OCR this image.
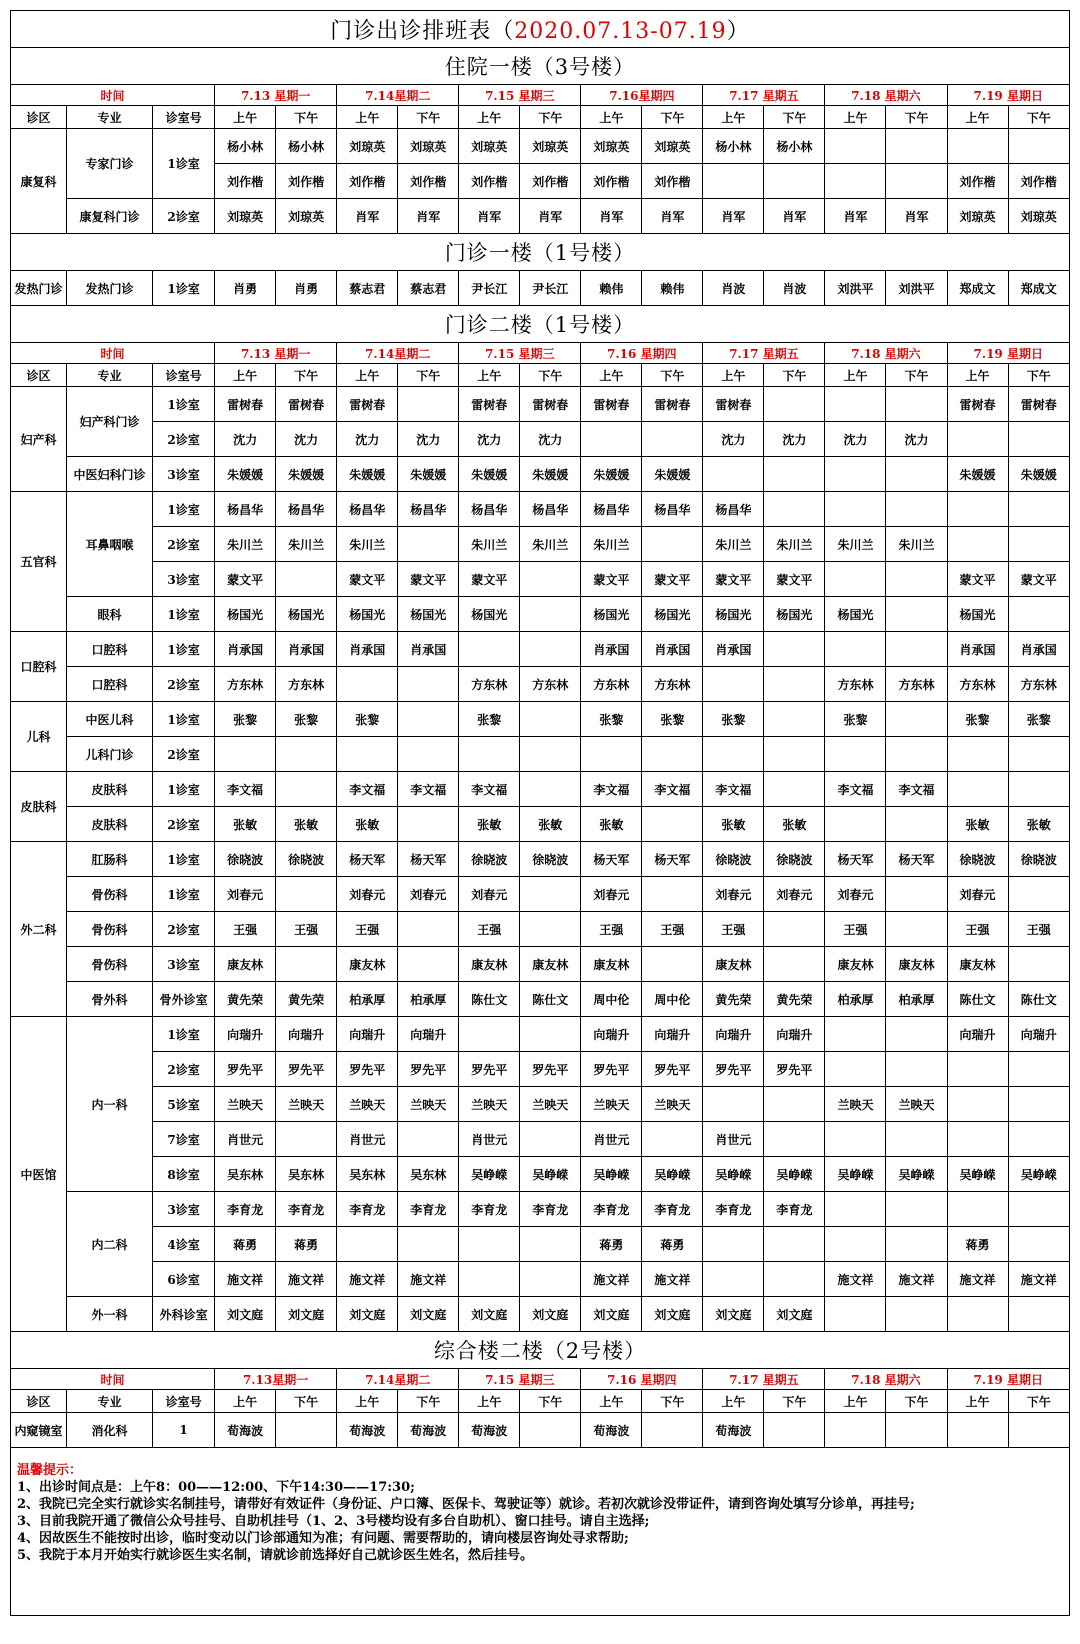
门诊出诊排班表（2020.07.13-07.19）																
住院一楼（3号楼）																
时间			7.13 星期一		7.14星期二		7.15 星期三		7.16星期四		7.17 星期五		7.18 星期六		7.19 星期日	
诊区	专业	诊室号	上午	下午	上午	下午	上午	下午	上午	下午	上午	下午	上午	下午	上午	下午
康复科	专家门诊	1诊室	杨小林	杨小林	刘琼英	刘琼英	刘琼英	刘琼英	刘琼英	刘琼英	杨小林	杨小林				
			刘作楷	刘作楷	刘作楷	刘作楷	刘作楷	刘作楷	刘作楷	刘作楷					刘作楷	刘作楷
	康复科门诊	2诊室	刘琼英	刘琼英	肖军	肖军	肖军	肖军	肖军	肖军	肖军	肖军	肖军	肖军	刘琼英	刘琼英
门诊一楼（1号楼）																
发热门诊	发热门诊	1诊室	肖勇	肖勇	蔡志君	蔡志君	尹长江	尹长江	赖伟	赖伟	肖波	肖波	刘洪平	刘洪平	郑成文	郑成文
门诊二楼（1号楼）																
时间			7.13 星期一		7.14星期二		7.15 星期三		7.16 星期四		7.17 星期五		7.18 星期六		7.19 星期日	
诊区	专业	诊室号	上午	下午	上午	下午	上午	下午	上午	下午	上午	下午	上午	下午	上午	下午
妇产科	妇产科门诊	1诊室	雷树春	雷树春	雷树春		雷树春	雷树春	雷树春	雷树春	雷树春				雷树春	雷树春
		2诊室	沈力	沈力	沈力	沈力	沈力	沈力			沈力	沈力	沈力	沈力		
	中医妇科门诊	3诊室	朱媛媛	朱媛媛	朱媛媛	朱媛媛	朱媛媛	朱媛媛	朱媛媛	朱媛媛					朱媛媛	朱媛媛
五官科	耳鼻咽喉	1诊室	杨昌华	杨昌华	杨昌华	杨昌华	杨昌华	杨昌华	杨昌华	杨昌华	杨昌华					
		2诊室	朱川兰	朱川兰	朱川兰		朱川兰	朱川兰	朱川兰		朱川兰	朱川兰	朱川兰	朱川兰		
		3诊室	蒙文平		蒙文平	蒙文平	蒙文平		蒙文平	蒙文平	蒙文平	蒙文平			蒙文平	蒙文平
	眼科	1诊室	杨国光	杨国光	杨国光	杨国光	杨国光		杨国光	杨国光	杨国光	杨国光	杨国光		杨国光	
口腔科	口腔科	1诊室	肖承国	肖承国	肖承国	肖承国			肖承国	肖承国	肖承国				肖承国	肖承国
	口腔科	2诊室	方东林	方东林			方东林	方东林	方东林	方东林			方东林	方东林	方东林	方东林
儿科	中医儿科	1诊室	张黎	张黎	张黎		张黎		张黎	张黎	张黎		张黎		张黎	张黎
	儿科门诊	2诊室														
皮肤科	皮肤科	1诊室	李文福		李文福	李文福	李文福		李文福	李文福	李文福		李文福	李文福		
	皮肤科	2诊室	张敏	张敏	张敏		张敏	张敏	张敏		张敏	张敏			张敏	张敏
外二科	肛肠科	1诊室	徐晓波	徐晓波	杨天军	杨天军	徐晓波	徐晓波	杨天军	杨天军	徐晓波	徐晓波	杨天军	杨天军	徐晓波	徐晓波
	骨伤科	1诊室	刘春元		刘春元	刘春元	刘春元		刘春元		刘春元	刘春元	刘春元		刘春元	
	骨伤科	2诊室	王强	王强	王强		王强		王强	王强	王强		王强		王强	王强
	骨伤科	3诊室	康友林		康友林		康友林	康友林	康友林		康友林		康友林	康友林	康友林	
	骨外科	骨外诊室	黄先荣	黄先荣	柏承厚	柏承厚	陈仕文	陈仕文	周中伦	周中伦	黄先荣	黄先荣	柏承厚	柏承厚	陈仕文	陈仕文
中医馆	内一科	1诊室	向瑞升	向瑞升	向瑞升	向瑞升			向瑞升	向瑞升	向瑞升	向瑞升			向瑞升	向瑞升
		2诊室	罗先平	罗先平	罗先平	罗先平	罗先平	罗先平	罗先平	罗先平	罗先平	罗先平				
		5诊室	兰映天	兰映天	兰映天	兰映天	兰映天	兰映天	兰映天	兰映天			兰映天	兰映天		
		7诊室	肖世元		肖世元		肖世元		肖世元		肖世元					
		8诊室	吴东林	吴东林	吴东林	吴东林	吴峥嵘	吴峥嵘	吴峥嵘	吴峥嵘	吴峥嵘	吴峥嵘	吴峥嵘	吴峥嵘	吴峥嵘	吴峥嵘
	内二科	3诊室	李育龙	李育龙	李育龙	李育龙	李育龙	李育龙	李育龙	李育龙	李育龙	李育龙				
		4诊室	蒋勇	蒋勇					蒋勇	蒋勇					蒋勇	
		6诊室	施文祥	施文祥	施文祥	施文祥			施文祥	施文祥			施文祥	施文祥	施文祥	施文祥
	外一科	外科诊室	刘文庭	刘文庭	刘文庭	刘文庭	刘文庭	刘文庭	刘文庭	刘文庭	刘文庭	刘文庭				
综合楼二楼（2号楼）																
时间			7.13星期一		7.14星期二		7.15 星期三		7.16 星期四		7.17 星期五		7.18 星期六		7.19 星期日	
诊区	专业	诊室号	上午	下午	上午	下午	上午	下午	上午	下午	上午	下午	上午	下午	上午	下午
内窥镜室	消化科	1	荀海波		荀海波	荀海波	荀海波		荀海波		荀海波					
温馨提示：
1、出诊时间点是：上午8：00——12:00、下午14:30——17:30;
2、我院已完全实行就诊实名制挂号，请带好有效证件（身份证、户口簿、医保卡、驾驶证等）就诊。若初次就诊没带证件，请到咨询处填写分诊单，再挂号;
3、目前我院开通了微信公众号挂号、自助机挂号（1、2、3号楼均设有多台自助机）、窗口挂号。请自主选择;
4、因故医生不能按时出诊，临时变动以门诊部通知为准；有问题、需要帮助的，请向楼层咨询处寻求帮助;
5、我院于本月开始实行就诊医生实名制，请就诊前选择好自己就诊医生姓名，然后挂号。
